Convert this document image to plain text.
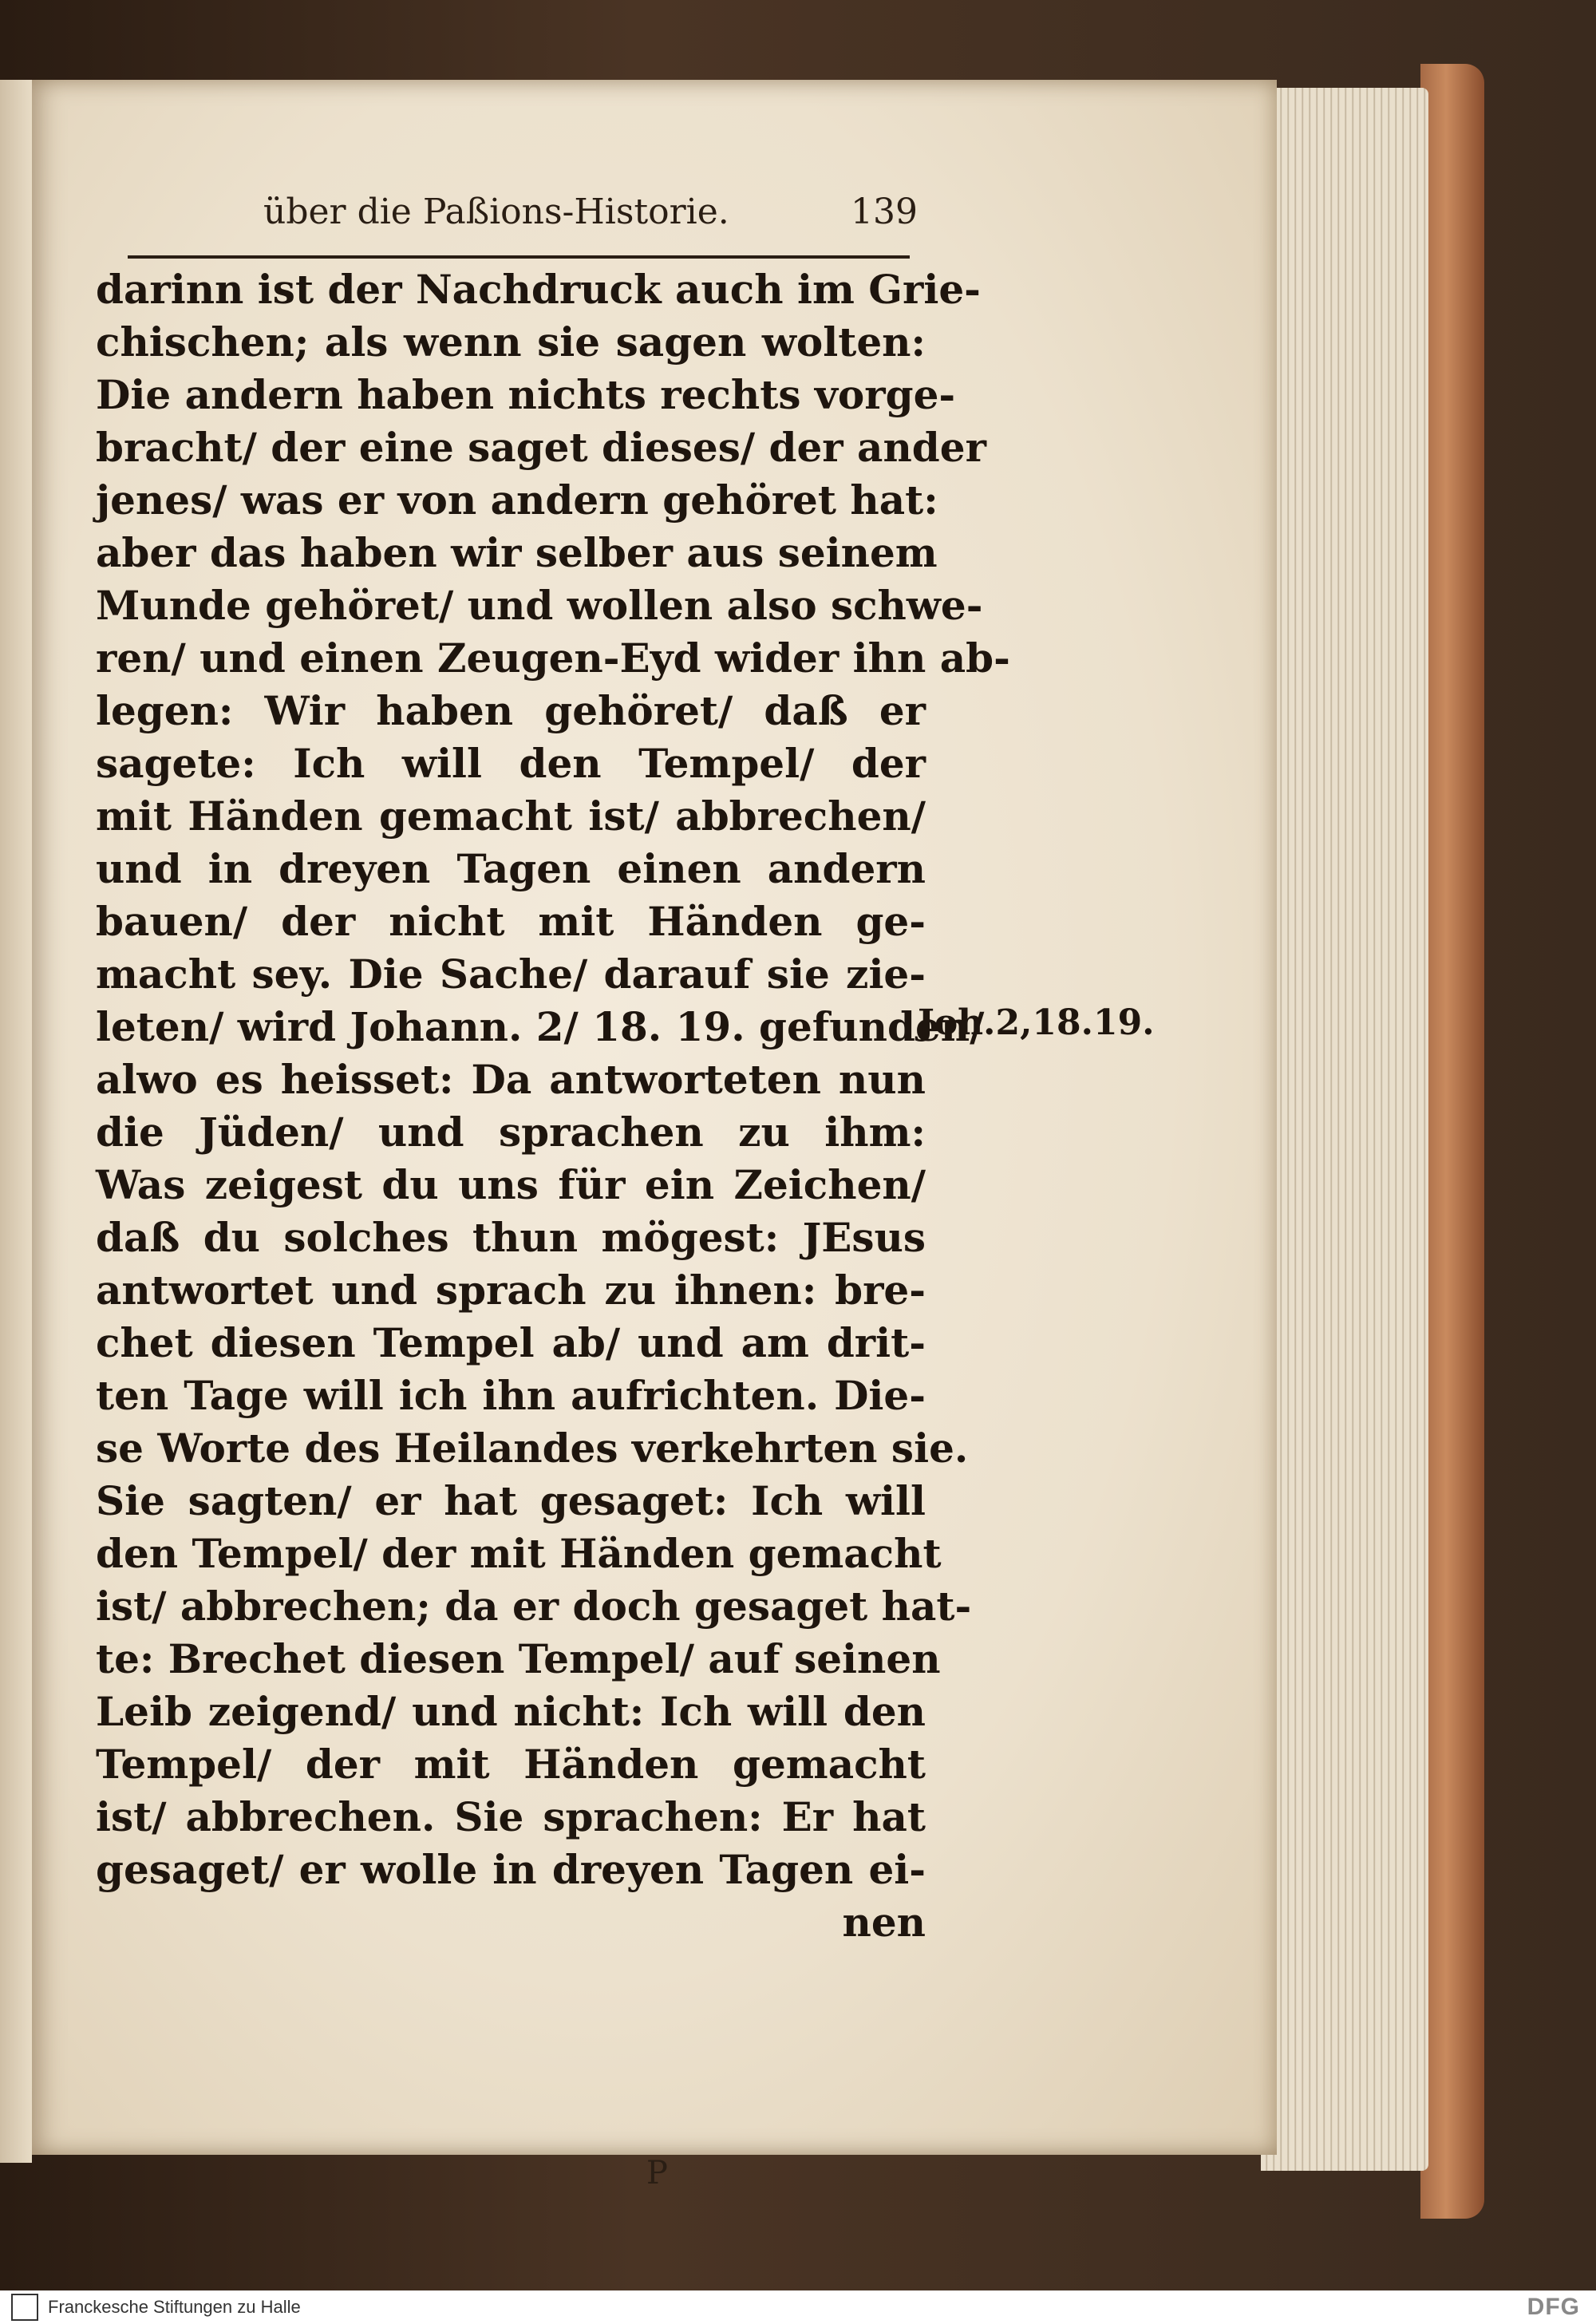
über die Paßions-Historie.	139
darinn ist der Nachdruck auch im Grie-
chischen; als wenn sie sagen wolten:
Die andern haben nichts rechts vorge-
bracht/ der eine saget dieses/ der ander
jenes/ was er von andern gehöret hat:
aber das haben wir selber aus seinem
Munde gehöret/ und wollen also schwe-
ren/ und einen Zeugen-Eyd wider ihn ab-
legen: Wir haben gehöret/ daß er
sagete: Ich will den Tempel/ der
mit Händen gemacht ist/ abbrechen/
und in dreyen Tagen einen andern
bauen/ der nicht mit Händen ge-
macht sey. Die Sache/ darauf sie zie-
leten/ wird Johann. 2/ 18. 19. gefunden/
alwo es heisset: Da antworteten nun
die Jüden/ und sprachen zu ihm:
Was zeigest du uns für ein Zeichen/
daß du solches thun mögest: JEsus
antwortet und sprach zu ihnen: bre-
chet diesen Tempel ab/ und am drit-
ten Tage will ich ihn aufrichten. Die-
se Worte des Heilandes verkehrten sie.
Sie sagten/ er hat gesaget: Ich will
den Tempel/ der mit Händen gemacht
ist/ abbrechen; da er doch gesaget hat-
te: Brechet diesen Tempel/ auf seinen
Leib zeigend/ und nicht: Ich will den
Tempel/ der mit Händen gemacht
ist/ abbrechen. Sie sprachen: Er hat
gesaget/ er wolle in dreyen Tagen ei-
nen
Joh.2,18.19.
P
Franckesche Stiftungen zu Halle	DFG
